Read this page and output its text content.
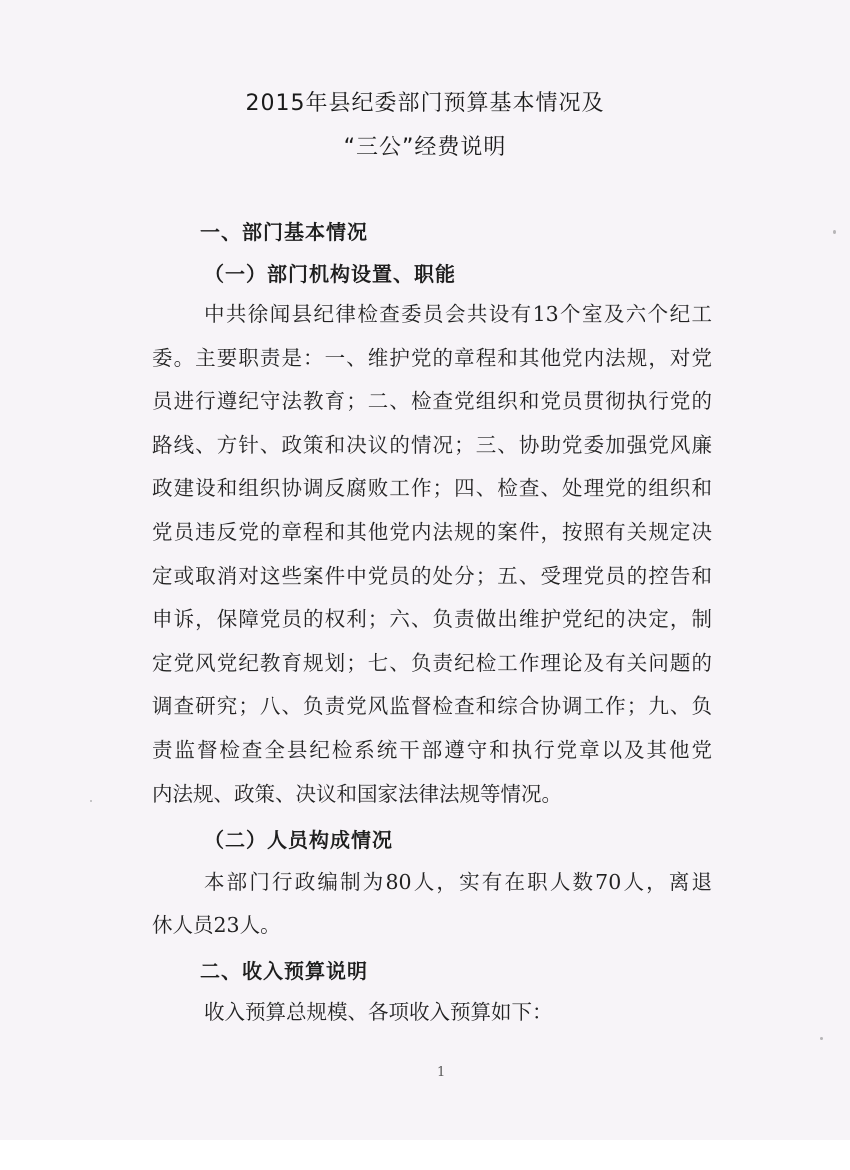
2015年县纪委部门预算基本情况及
“三公”经费说明
一、部门基本情况
（一）部门机构设置、职能
中共徐闻县纪律检查委员会共设有13个室及六个纪工
委。主要职责是：一、维护党的章程和其他党内法规，对党
员进行遵纪守法教育；二、检查党组织和党员贯彻执行党的
路线、方针、政策和决议的情况；三、协助党委加强党风廉
政建设和组织协调反腐败工作；四、检查、处理党的组织和
党员违反党的章程和其他党内法规的案件，按照有关规定决
定或取消对这些案件中党员的处分；五、受理党员的控告和
申诉，保障党员的权利；六、负责做出维护党纪的决定，制
定党风党纪教育规划；七、负责纪检工作理论及有关问题的
调查研究；八、负责党风监督检查和综合协调工作；九、负
责监督检查全县纪检系统干部遵守和执行党章以及其他党
内法规、政策、决议和国家法律法规等情况。
（二）人员构成情况
本部门行政编制为80人，实有在职人数70人，离退
休人员23人。
二、收入预算说明
收入预算总规模、各项收入预算如下：
1
